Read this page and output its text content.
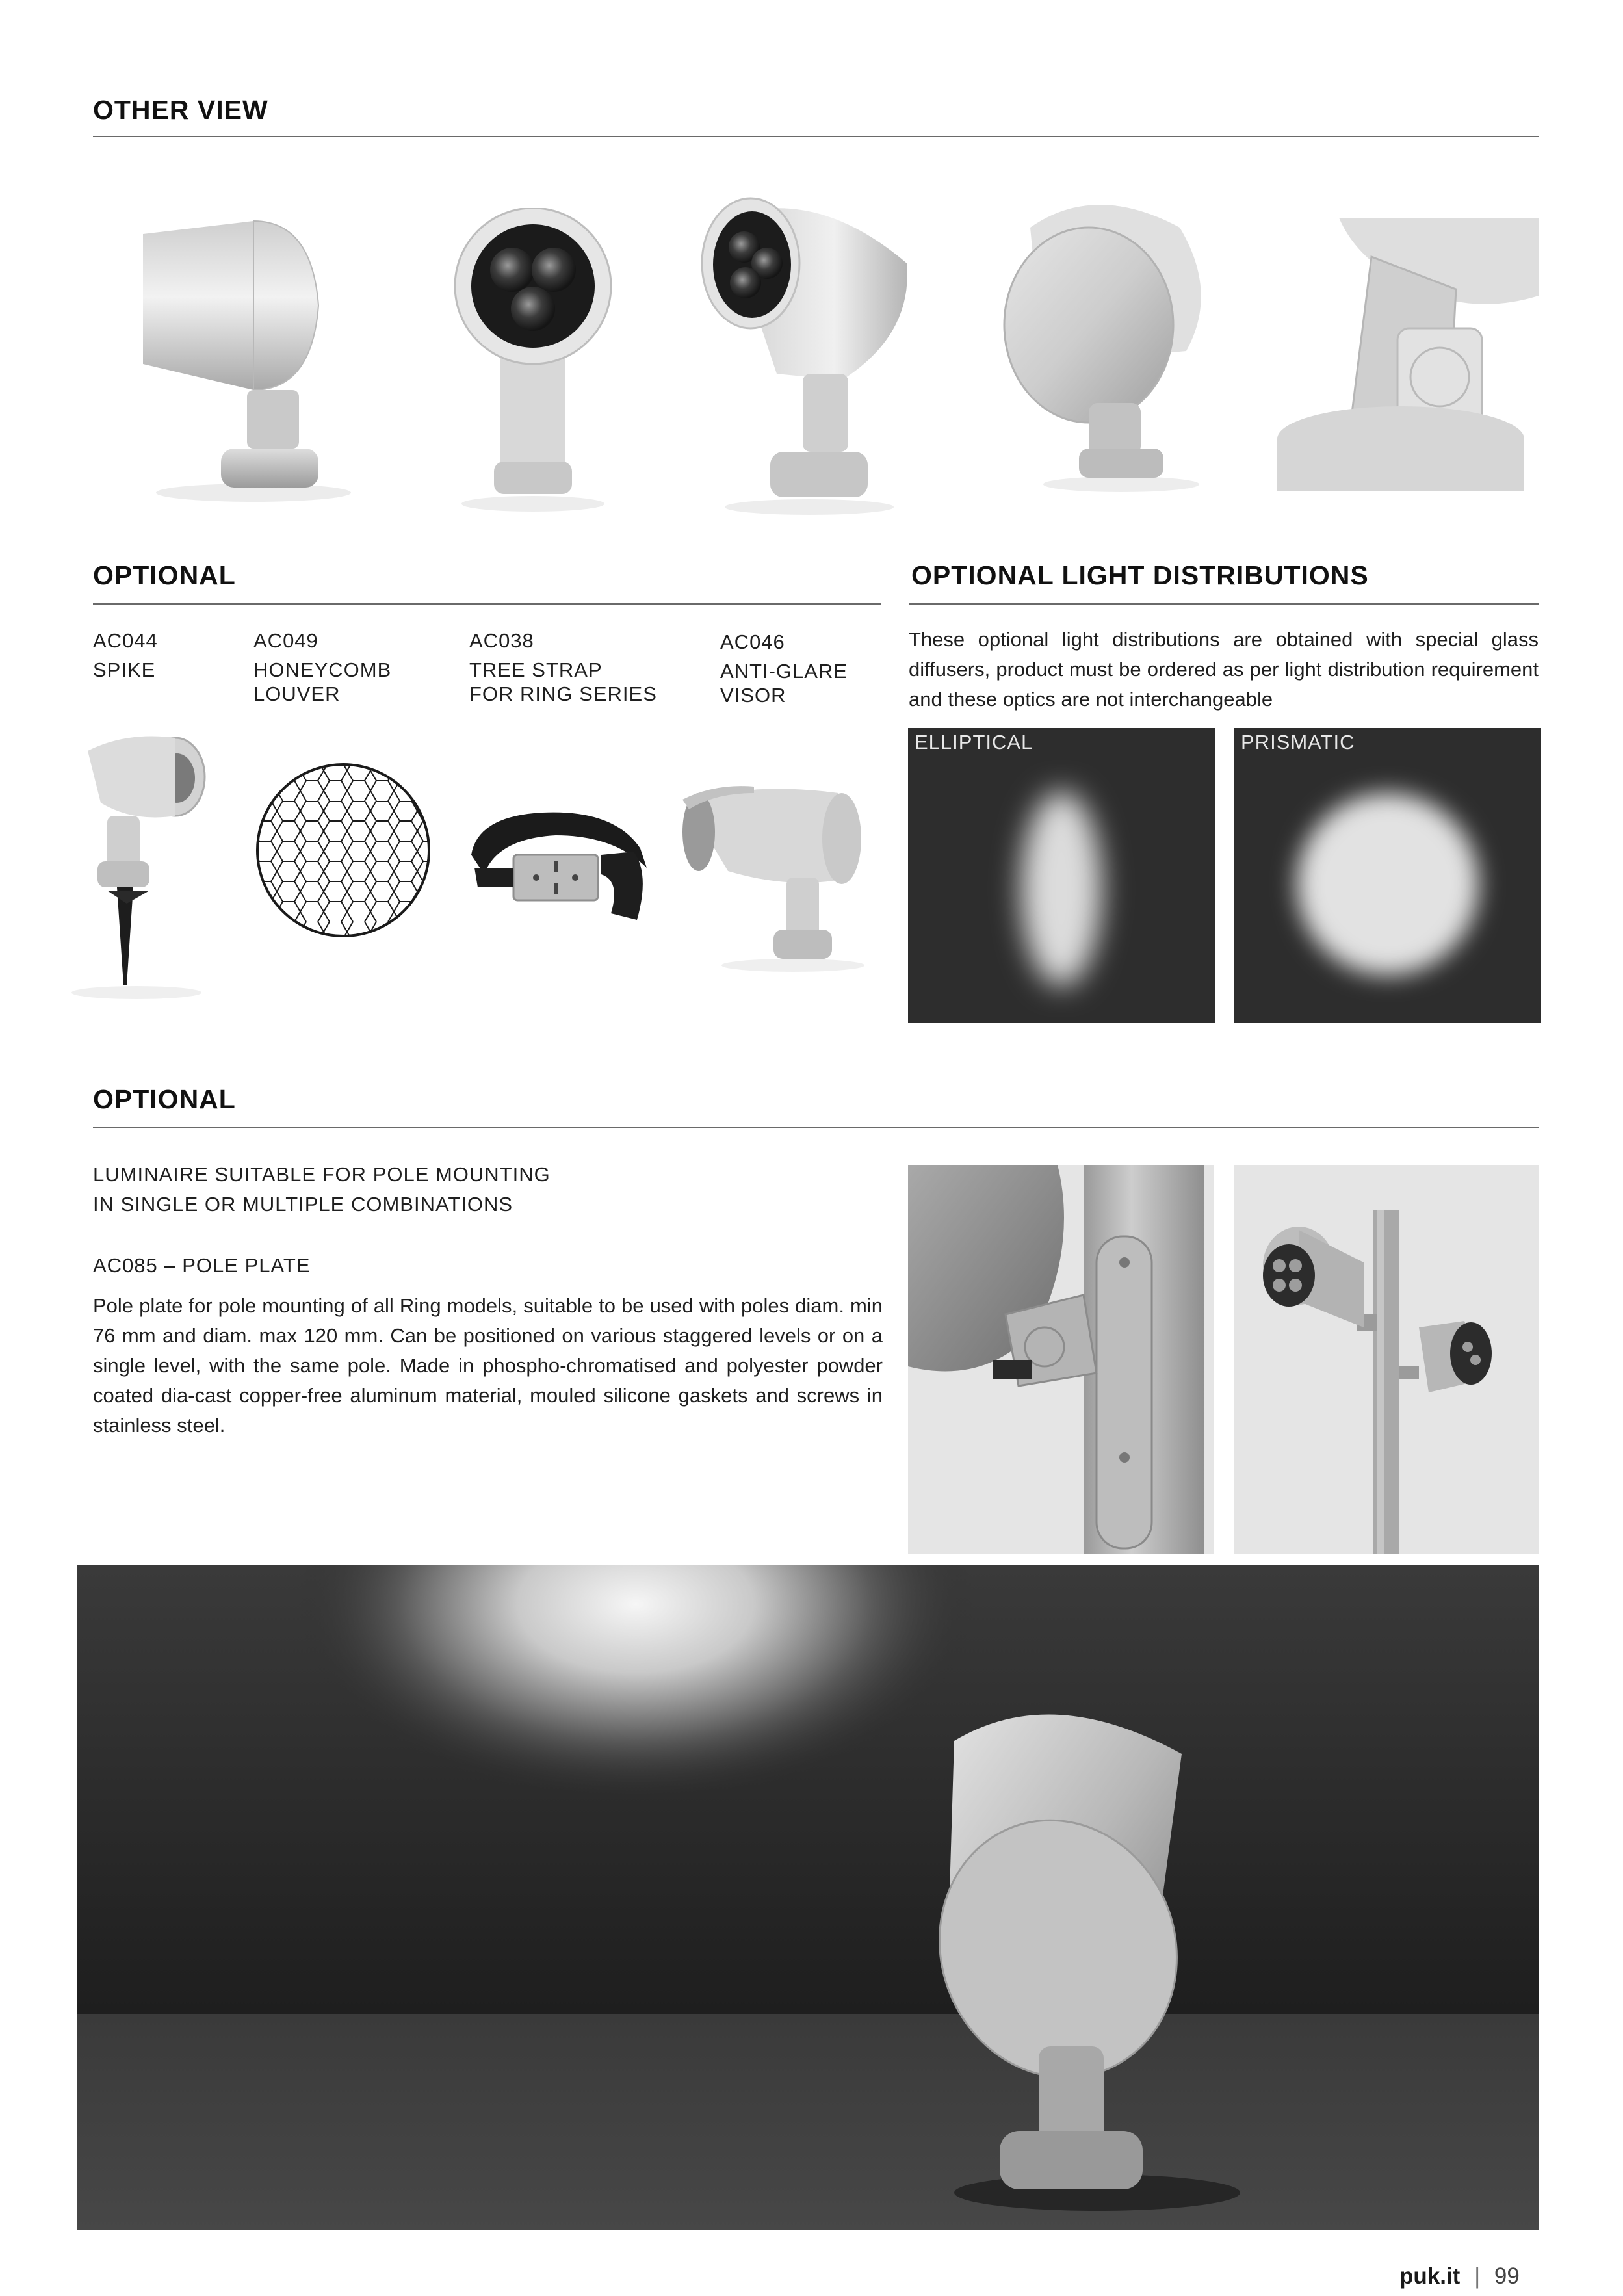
OTHER VIEW
OPTIONAL
AC044
SPIKE
AC049
HONEYCOMB
LOUVER
AC038
TREE STRAP
FOR RING SERIES
AC046
ANTI-GLARE
VISOR
OPTIONAL LIGHT DISTRIBUTIONS
These optional light distributions are obtained with special glass diffusers, product must be ordered as per light distribution requirement and these optics are not interchangeable
ELLIPTICAL	PRISMATIC
OPTIONAL
LUMINAIRE SUITABLE FOR POLE MOUNTING
IN SINGLE OR MULTIPLE COMBINATIONS
AC085 – POLE PLATE
Pole plate for pole mounting of all Ring models, suitable to be used with poles diam. min 76 mm and diam. max 120 mm. Can be positioned on various staggered levels or on a single level, with the same pole. Made in phospho-chromatised and polyester powder coated dia-cast copper-free aluminum material, mouled silicone gaskets and screws in stainless steel.
puk.it | 99
